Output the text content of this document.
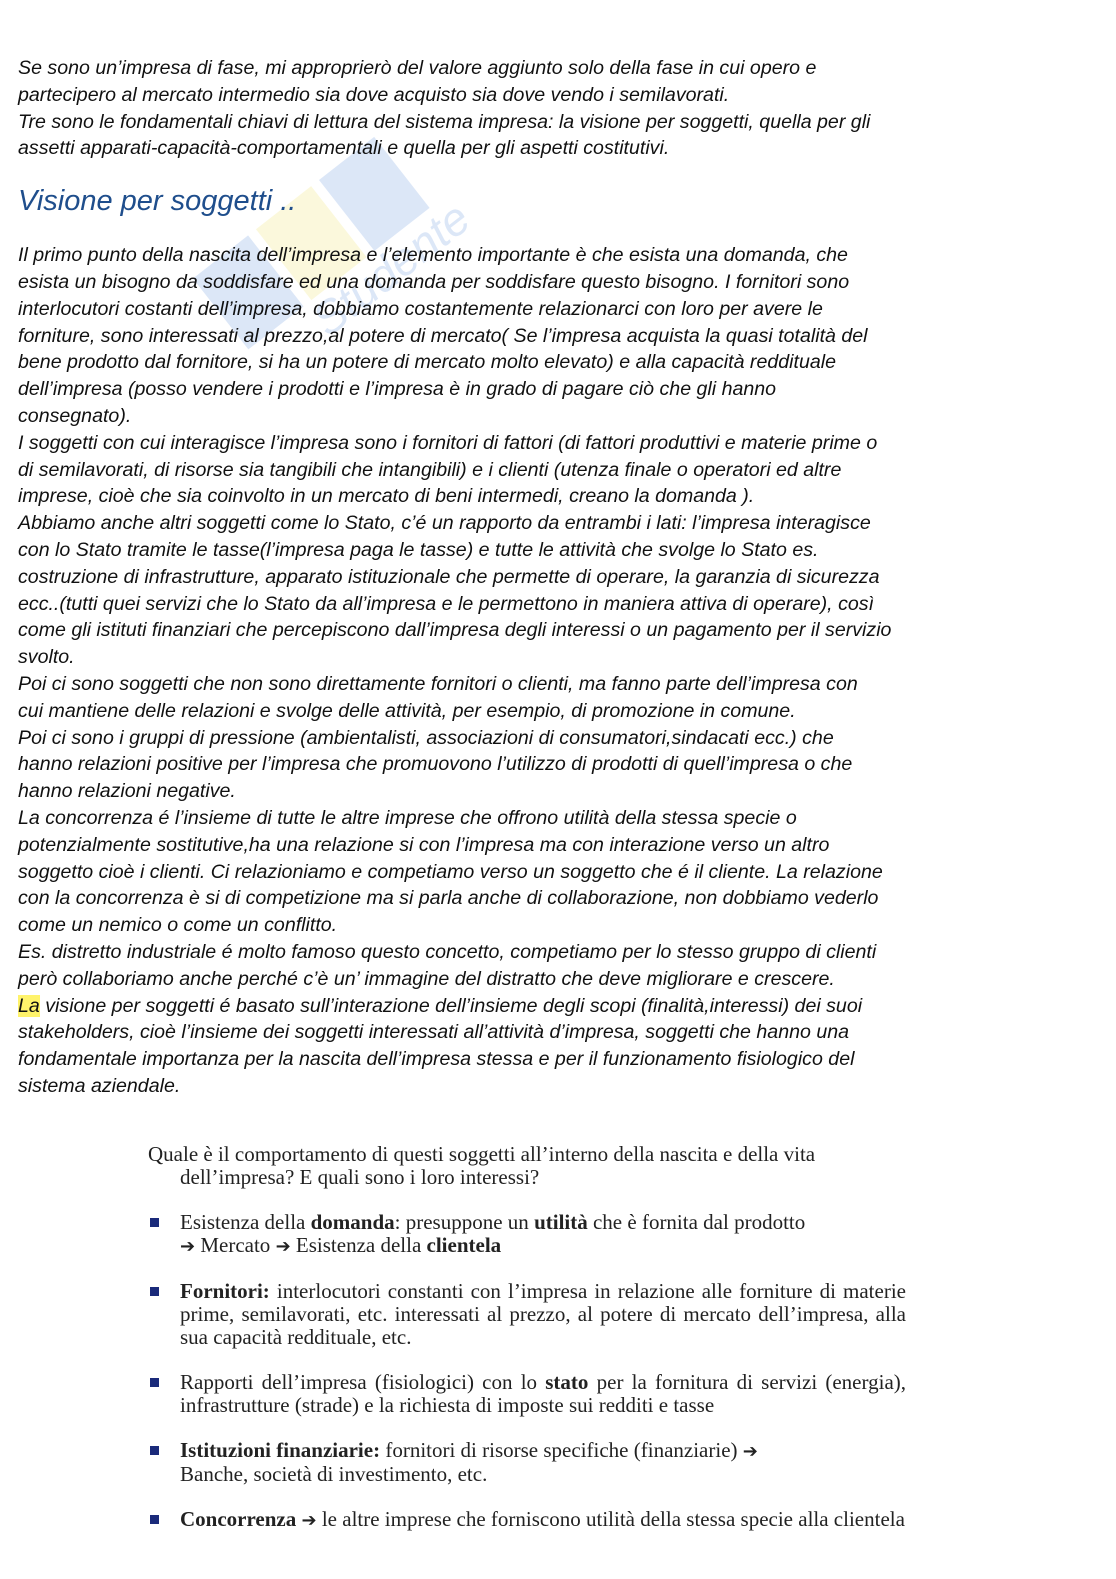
Studente

Se sono un’impresa di fase, mi approprierò del valore aggiunto solo della fase in cui opero e
partecipero al mercato intermedio sia dove acquisto sia dove vendo i semilavorati.
Tre sono le fondamentali chiavi di lettura del sistema impresa: la visione per soggetti, quella per gli
assetti apparati-capacità-comportamentali e quella per gli aspetti costitutivi.

Visione per soggetti ..

Il primo punto della nascita dell’impresa e l’elemento importante è che esista una domanda, che
esista un bisogno da soddisfare ed una domanda per soddisfare questo bisogno. I fornitori sono
interlocutori costanti dell’impresa, dobbiamo costantemente relazionarci con loro per avere le
forniture, sono interessati al prezzo,al potere di mercato( Se l’impresa acquista la quasi totalità del
bene prodotto dal fornitore, si ha un potere di mercato molto elevato) e alla capacità reddituale
dell’impresa (posso vendere i prodotti e l’impresa è in grado di pagare ciò che gli hanno
consegnato).

I soggetti con cui interagisce l’impresa sono i fornitori di fattori (di fattori produttivi e materie prime o
di semilavorati, di risorse sia tangibili che intangibili) e i clienti (utenza finale o operatori ed altre
imprese, cioè che sia coinvolto in un mercato di beni intermedi, creano la domanda ).

Abbiamo anche altri soggetti come lo Stato, c’é un rapporto da entrambi i lati: l’impresa interagisce
con lo Stato tramite le tasse(l’impresa paga le tasse) e tutte le attività che svolge lo Stato es.
costruzione di infrastrutture, apparato istituzionale che permette di operare, la garanzia di sicurezza
ecc..(tutti quei servizi che lo Stato da all’impresa e le permettono in maniera attiva di operare), così
come gli istituti finanziari che percepiscono dall’impresa degli interessi o un pagamento per il servizio
svolto.

Poi ci sono soggetti che non sono direttamente fornitori o clienti, ma fanno parte dell’impresa con
cui mantiene delle relazioni e svolge delle attività, per esempio, di promozione in comune.

Poi ci sono i gruppi di pressione (ambientalisti, associazioni di consumatori,sindacati ecc.) che
hanno relazioni positive per l’impresa che promuovono l’utilizzo di prodotti di quell’impresa o che
hanno relazioni negative.

La concorrenza é l’insieme di tutte le altre imprese che offrono utilità della stessa specie o
potenzialmente sostitutive,ha una relazione si con l’impresa ma con interazione verso un altro
soggetto cioè i clienti. Ci relazioniamo e competiamo verso un soggetto che é il cliente. La relazione
con la concorrenza è si di competizione ma si parla anche di collaborazione, non dobbiamo vederlo
come un nemico o come un conflitto.

Es. distretto industriale é molto famoso questo concetto, competiamo per lo stesso gruppo di clienti
però collaboriamo anche perché c’è un’ immagine del distratto che deve migliorare e crescere.

La visione per soggetti é basato sull’interazione dell’insieme degli scopi (finalità,interessi) dei suoi
stakeholders, cioè l’insieme dei soggetti interessati all’attività d’impresa, soggetti che hanno una
fondamentale importanza per la nascita dell’impresa stessa e per il funzionamento fisiologico del
sistema aziendale.

Quale è il comportamento di questi soggetti all’interno della nascita e della vita dell’impresa? E quali sono i loro interessi?

Esistenza della domanda: presuppone un utilità che è fornita dal prodotto
➔ Mercato ➔ Esistenza della clientela
Fornitori: interlocutori constanti con l’impresa in relazione alle forniture di materie prime, semilavorati, etc. interessati al prezzo, al potere di mercato dell’impresa, alla sua capacità reddituale, etc.
Rapporti dell’impresa (fisiologici) con lo stato per la fornitura di servizi (energia), infrastrutture (strade) e la richiesta di imposte sui redditi e tasse
Istituzioni finanziarie: fornitori di risorse specifiche (finanziarie) ➔
Banche, società di investimento, etc.
Concorrenza ➔ le altre imprese che forniscono utilità della stessa specie alla clientela
